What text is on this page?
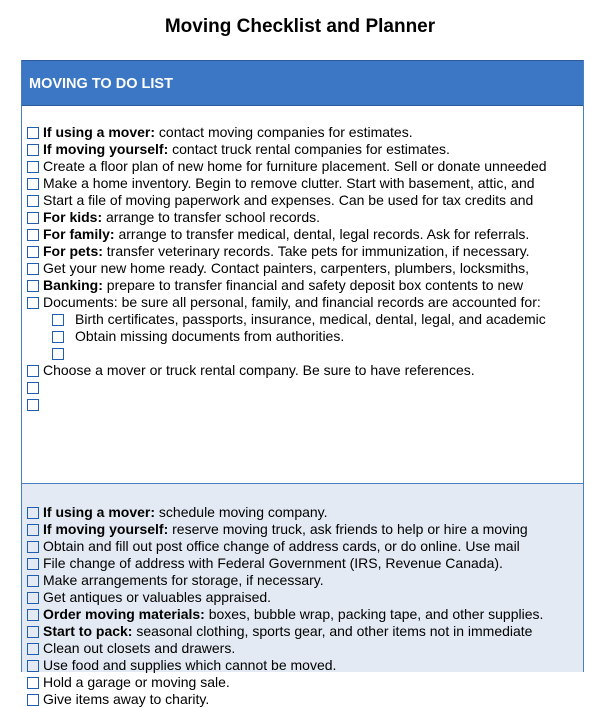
Moving Checklist and Planner
MOVING TO DO LIST
If using a mover: contact moving companies for estimates.
If moving yourself: contact truck rental companies for estimates.
Create a floor plan of new home for furniture placement. Sell or donate unneeded
Make a home inventory. Begin to remove clutter. Start with basement, attic, and
Start a file of moving paperwork and expenses. Can be used for tax credits and
For kids: arrange to transfer school records.
For family: arrange to transfer medical, dental, legal records. Ask for referrals.
For pets: transfer veterinary records. Take pets for immunization, if necessary.
Get your new home ready. Contact painters, carpenters, plumbers, locksmiths,
Banking: prepare to transfer financial and safety deposit box contents to new
Documents: be sure all personal, family, and financial records are accounted for:
Birth certificates, passports, insurance, medical, dental, legal, and academic
Obtain missing documents from authorities.
Choose a mover or truck rental company. Be sure to have references.
If using a mover: schedule moving company.
If moving yourself: reserve moving truck, ask friends to help or hire a moving
Obtain and fill out post office change of address cards, or do online. Use mail
File change of address with Federal Government (IRS, Revenue Canada).
Make arrangements for storage, if necessary.
Get antiques or valuables appraised.
Order moving materials: boxes, bubble wrap, packing tape, and other supplies.
Start to pack: seasonal clothing, sports gear, and other items not in immediate
Clean out closets and drawers.
Use food and supplies which cannot be moved.
Hold a garage or moving sale.
Give items away to charity.
